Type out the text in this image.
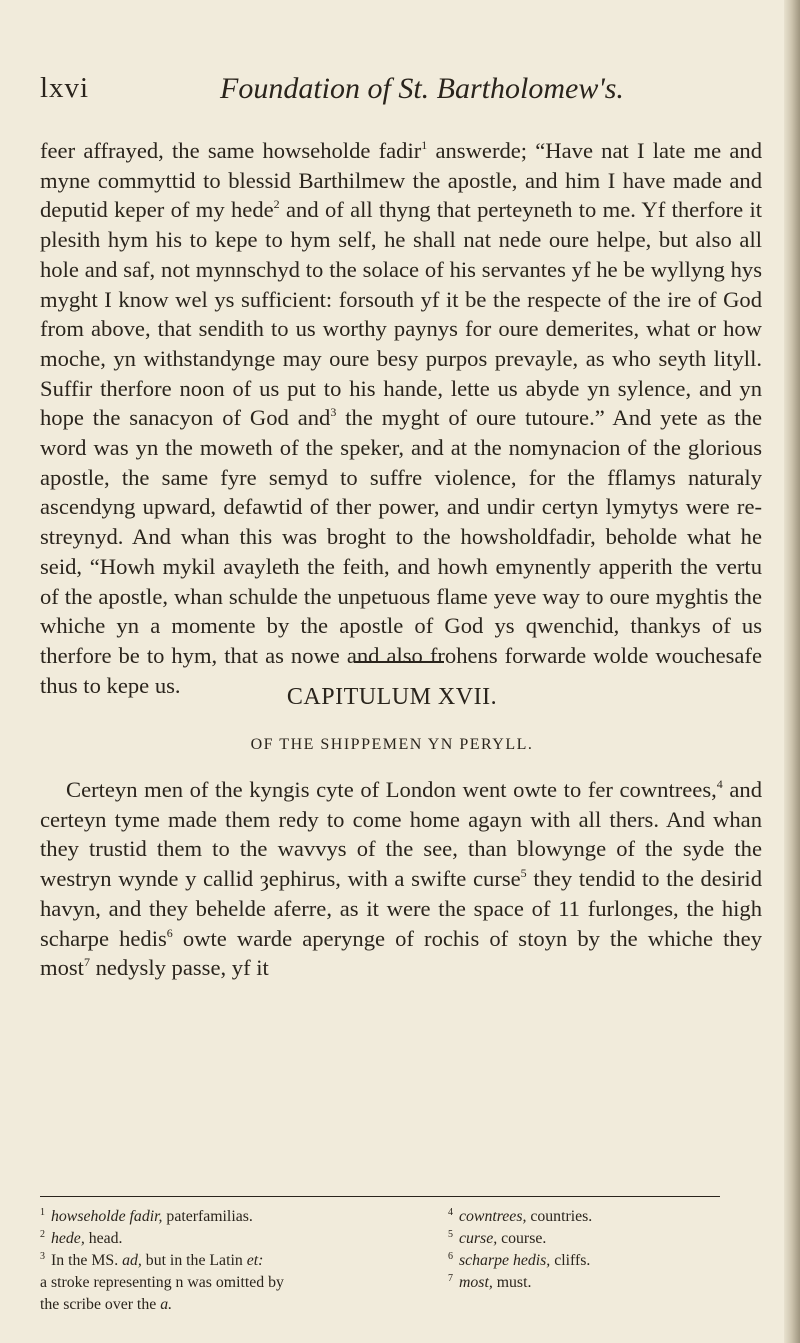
lxvi	Foundation of St. Bartholomew's.

feer affrayed, the same howseholde fadir$^1$ answerde; “Have nat I late me and myne commyttid to blessid Barthilmew the apostle, and him I have made and deputid keper of my hede$^2$ and of all thyng that perteyneth to me. Yf therfore it plesith hym his to kepe to hym self, he shall nat nede oure helpe, but also all hole and saf, not mynnschyd to the solace of his servantes yf he be wyllyng hys myght I know wel ys sufficient: forsouth yf it be the respecte of the ire of God from above, that sendith to us worthy paynys for oure demerites, what or how moche, yn withstandynge may oure besy purpos prevayle, as who seyth lityll. Suffir therfore noon of us put to his hande, lette us abyde yn sylence, and yn hope the sanacyon of God and$^3$ the myght of oure tutoure.” And yete as the word was yn the moweth of the speker, and at the nomynacion of the glorious apostle, the same fyre semyd to suffre violence, for the fflamys naturaly ascendyng upward, defawtid of ther power, and undir certyn lymytys were re-streynyd. And whan this was broght to the howsholdfadir, beholde what he seid, “Howh mykil avayleth the feith, and howh emynently apperith the vertu of the apostle, whan schulde the unpetuous flame yeve way to oure myghtis the whiche yn a momente by the apostle of God ys qwenchid, thankys of us therfore be to hym, that as nowe and also frohens forwarde wolde wouchesafe thus to kepe us.	CAPITULUM XVII.
OF THE SHIPPEMEN YN PERYLL.

Certeyn men of the kyngis cyte of London went owte to fer cowntrees,$^4$ and certeyn tyme made them redy to come home agayn with all thers. And whan they trustid them to the wavvys of the see, than blowynge of the syde the westryn wynde y callid ȝephirus, with a swifte curse$^5$ they tendid to the desirid havyn, and they behelde aferre, as it were the space of 11 furlonges, the high scharpe hedis$^6$ owte warde aperynge of rochis of stoyn by the whiche they most$^7$ nedysly passe, yf it

$^1$ howseholde fadir, paterfamilias.
$^2$ hede, head.
$^3$ In the MS. ad, but in the Latin et:
a stroke representing n was omitted by
the scribe over the a.
$^4$ cowntrees, countries.
$^5$ curse, course.
$^6$ scharpe hedis, cliffs.
$^7$ most, must.
